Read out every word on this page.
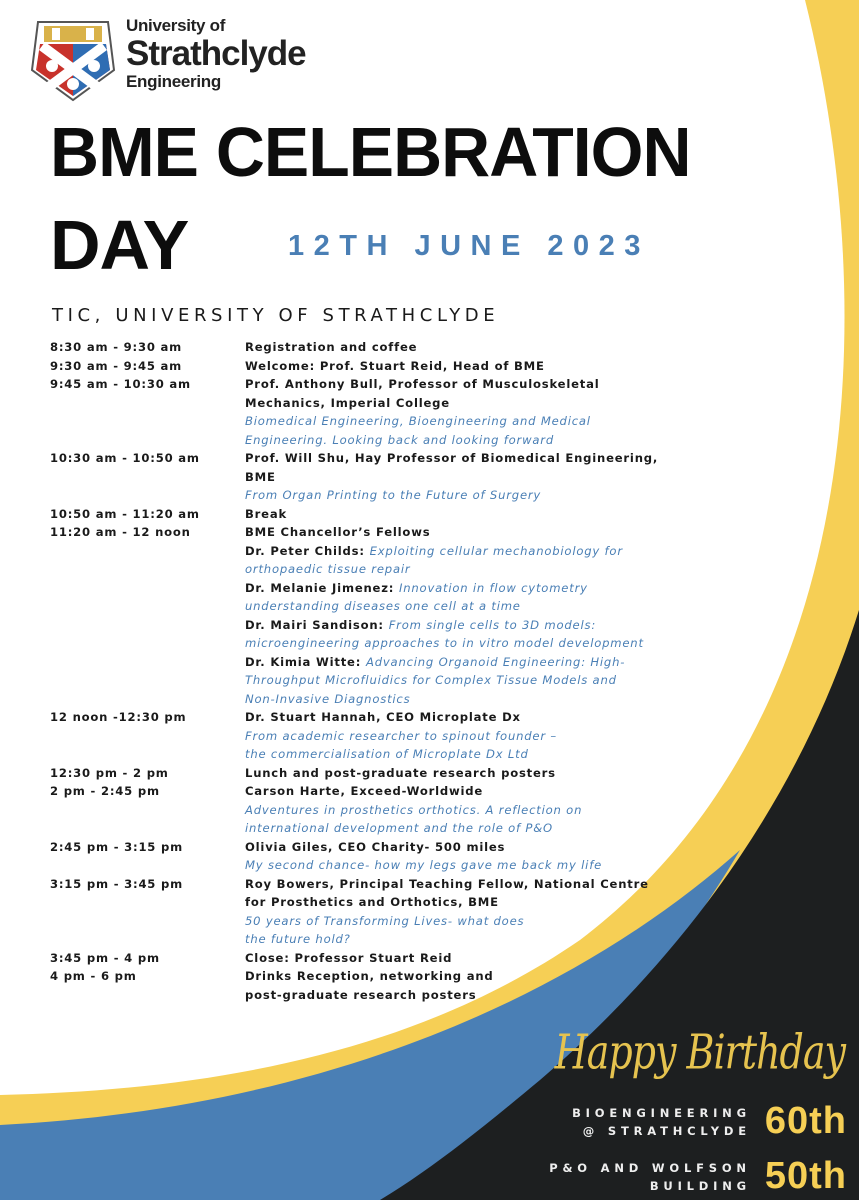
University of
Strathclyde
Engineering
BME CELEBRATION
DAY	12TH JUNE 2023
TIC, UNIVERSITY OF STRATHCLYDE
8:30 am - 9:30 am	Registration and coffee
9:30 am - 9:45 am	Welcome: Prof. Stuart Reid, Head of BME
9:45 am - 10:30 am	Prof. Anthony Bull, Professor of Musculoskeletal
Mechanics, Imperial College
Biomedical Engineering, Bioengineering and Medical
Engineering. Looking back and looking forward
10:30 am - 10:50 am	Prof. Will Shu, Hay Professor of Biomedical Engineering,
BME
From Organ Printing to the Future of Surgery
10:50 am - 11:20 am	Break
11:20 am - 12 noon	BME Chancellor’s Fellows
Dr. Peter Childs: Exploiting cellular mechanobiology for
orthopaedic tissue repair
Dr. Melanie Jimenez: Innovation in flow cytometry
understanding diseases one cell at a time
Dr. Mairi Sandison: From single cells to 3D models:
microengineering approaches to in vitro model development
Dr. Kimia Witte: Advancing Organoid Engineering: High-
Throughput Microfluidics for Complex Tissue Models and
Non-Invasive Diagnostics
12 noon -12:30 pm	Dr. Stuart Hannah, CEO Microplate Dx
From academic researcher to spinout founder –
the commercialisation of Microplate Dx Ltd
12:30 pm - 2 pm	Lunch and post-graduate research posters
2 pm - 2:45 pm	Carson Harte, Exceed-Worldwide
Adventures in prosthetics orthotics. A reflection on
international development and the role of P&O
2:45 pm - 3:15 pm	Olivia Giles, CEO Charity- 500 miles
My second chance- how my legs gave me back my life
3:15 pm - 3:45 pm	Roy Bowers, Principal Teaching Fellow, National Centre
for Prosthetics and Orthotics, BME
50 years of Transforming Lives- what does
the future hold?
3:45 pm - 4 pm	Close: Professor Stuart Reid
4 pm - 6 pm	Drinks Reception, networking and
post-graduate research posters
Happy Birthday
BIOENGINEERING
@ STRATHCLYDE 60th
P&O AND WOLFSON
BUILDING 50th
